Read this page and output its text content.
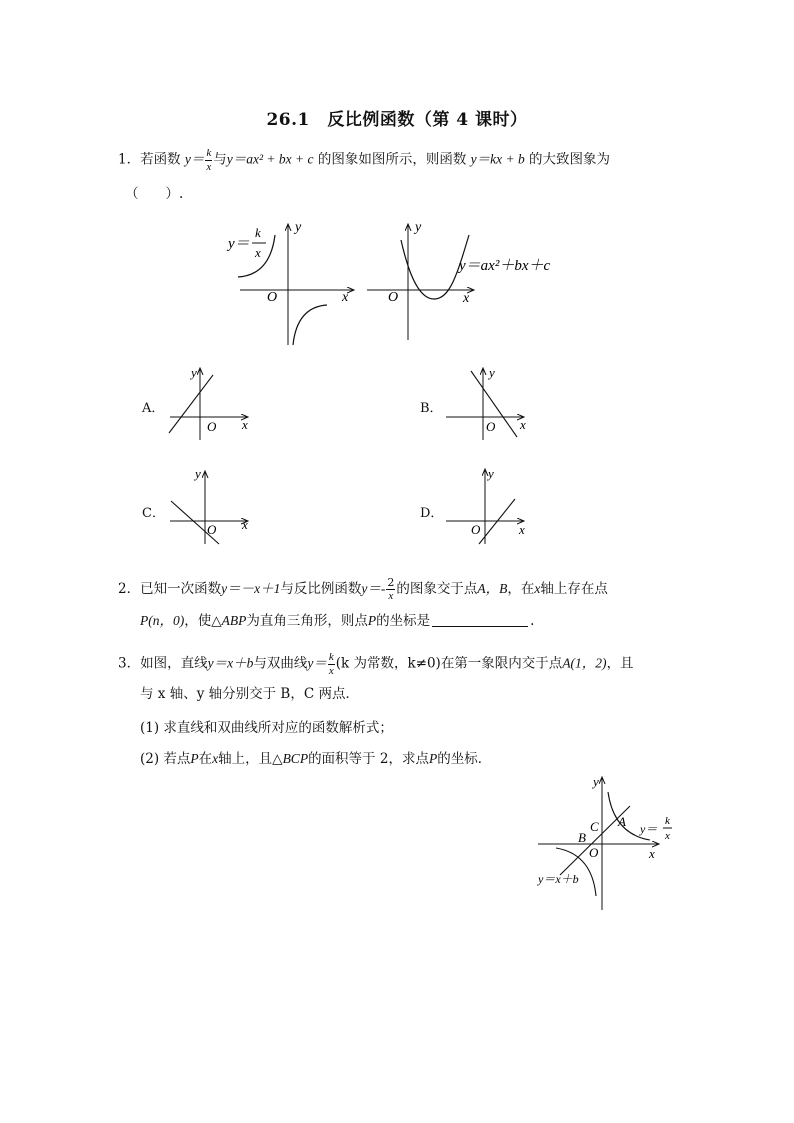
26.1　反比例函数（第 4 课时）
1．若函数 $y= \frac{k}{x}$ 与y＝ax² + bx + c 的图象如图所示，则函数 y＝kx + b 的大致图象为
（　　）.
y
O	x
y＝
k
x
y
O	x
y＝ax²＋bx＋c
A．
y
O x
B．
y
O x
C．
y
O x
D．
y
O	x
2．已知一次函数y＝－x＋1与反比例函数$y=- \frac{2}{x}$ 的图象交于点A，B，在x轴上存在点
P(n，0)，使△ABP为直角三角形，则点P的坐标是	.
3．如图，直线y＝x＋b与双曲线$y= \frac{k}{x} (k$ 为常数，k≠0)在第一象限内交于点A(1，2)，且
与 x 轴、y 轴分别交于 B，C 两点．
(1) 求直线和双曲线所对应的函数解析式；
(2) 若点P在x轴上，且△BCP的面积等于 2，求点P的坐标．
y
x
O
A
B
C	y＝
k
x
y＝x＋b
